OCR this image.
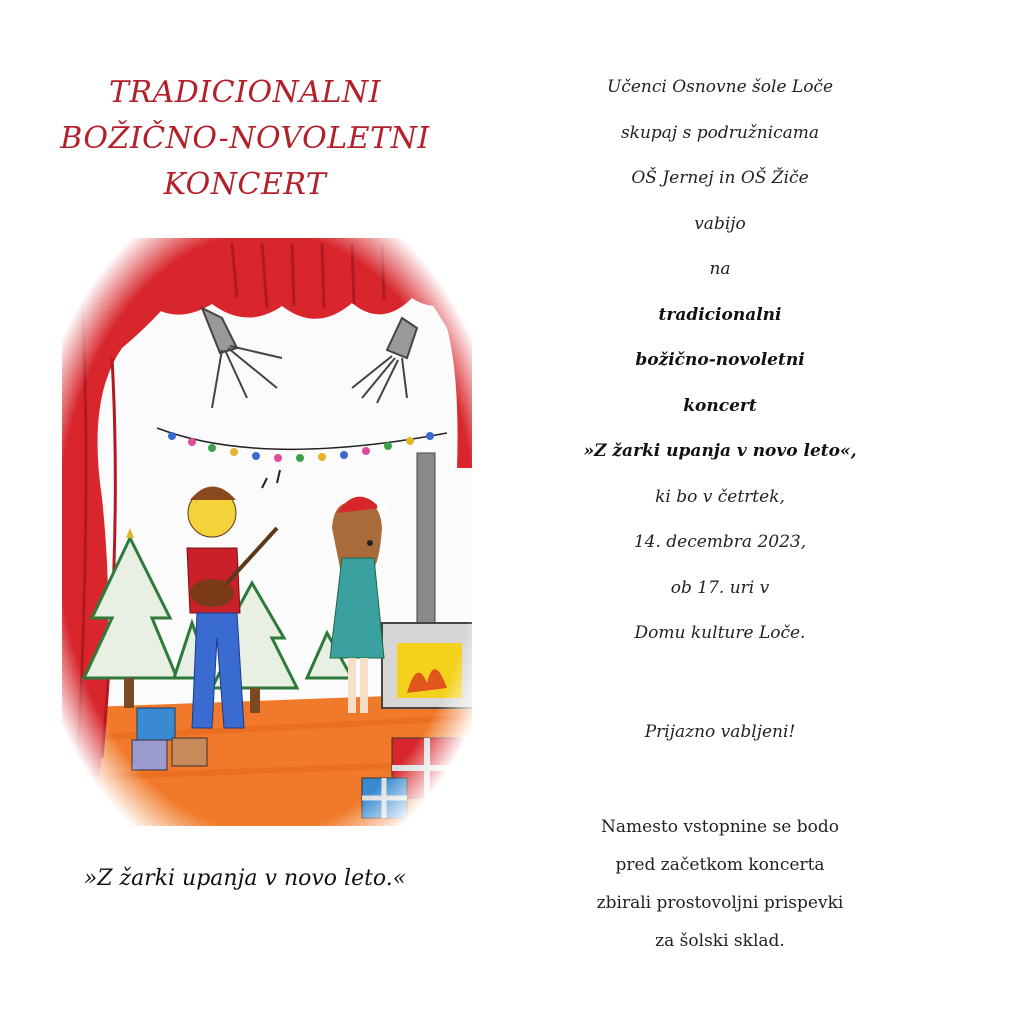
TRADICIONALNI
BOŽIČNO-NOVOLETNI
KONCERT
»Z žarki upanja v novo leto.«
Učenci Osnovne šole Loče
skupaj s podružnicama
OŠ Jernej in OŠ Žiče
vabijo
na
tradicionalni
božično-novoletni
koncert
»Z žarki upanja v novo leto«,
ki bo v četrtek,
14. decembra 2023,
ob 17. uri v
Domu kulture Loče.
Prijazno vabljeni!
Namesto vstopnine se bodo
pred začetkom koncerta
zbirali prostovoljni prispevki
za šolski sklad.
